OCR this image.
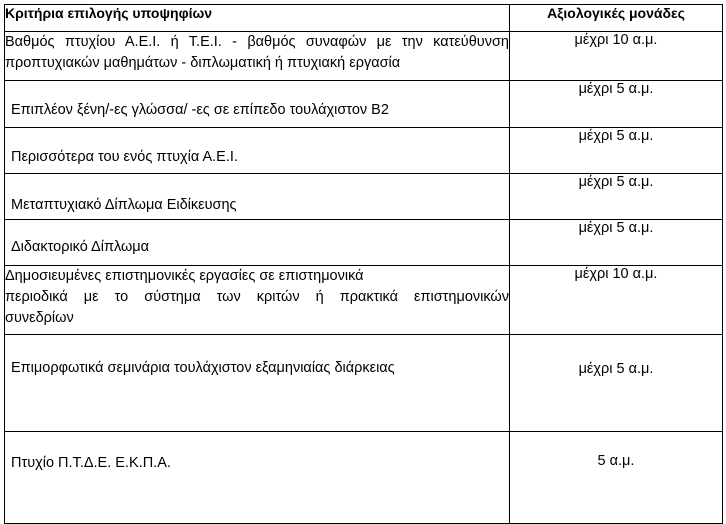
Κριτήρια επιλογής υποψηφίων	Αξιολογικές μονάδες

Βαθμός πτυχίου Α.Ε.Ι. ή Τ.Ε.Ι. - βαθμός συναφών με την κατεύθυνση
προπτυχιακών μαθημάτων - διπλωματική ή πτυχιακή εργασία	μέχρι 10 α.μ.

Επιπλέον ξένη/-ες γλώσσα/ -ες σε επίπεδο τουλάχιστον Β2	μέχρι 5 α.μ.

Περισσότερα του ενός πτυχία Α.Ε.Ι.	μέχρι 5 α.μ.

Μεταπτυχιακό Δίπλωμα Ειδίκευσης	μέχρι 5 α.μ.

Διδακτορικό Δίπλωμα	μέχρι 5 α.μ.

Δημοσιευμένες επιστημονικές εργασίες σε επιστημονικά
περιοδικά με το σύστημα των κριτών ή πρακτικά επιστημονικών
συνεδρίων	μέχρι 10 α.μ.

Επιμορφωτικά σεμινάρια τουλάχιστον εξαμηνιαίας διάρκειας	μέχρι 5 α.μ.

Πτυχίο Π.Τ.Δ.Ε. Ε.Κ.Π.Α.	5 α.μ.
